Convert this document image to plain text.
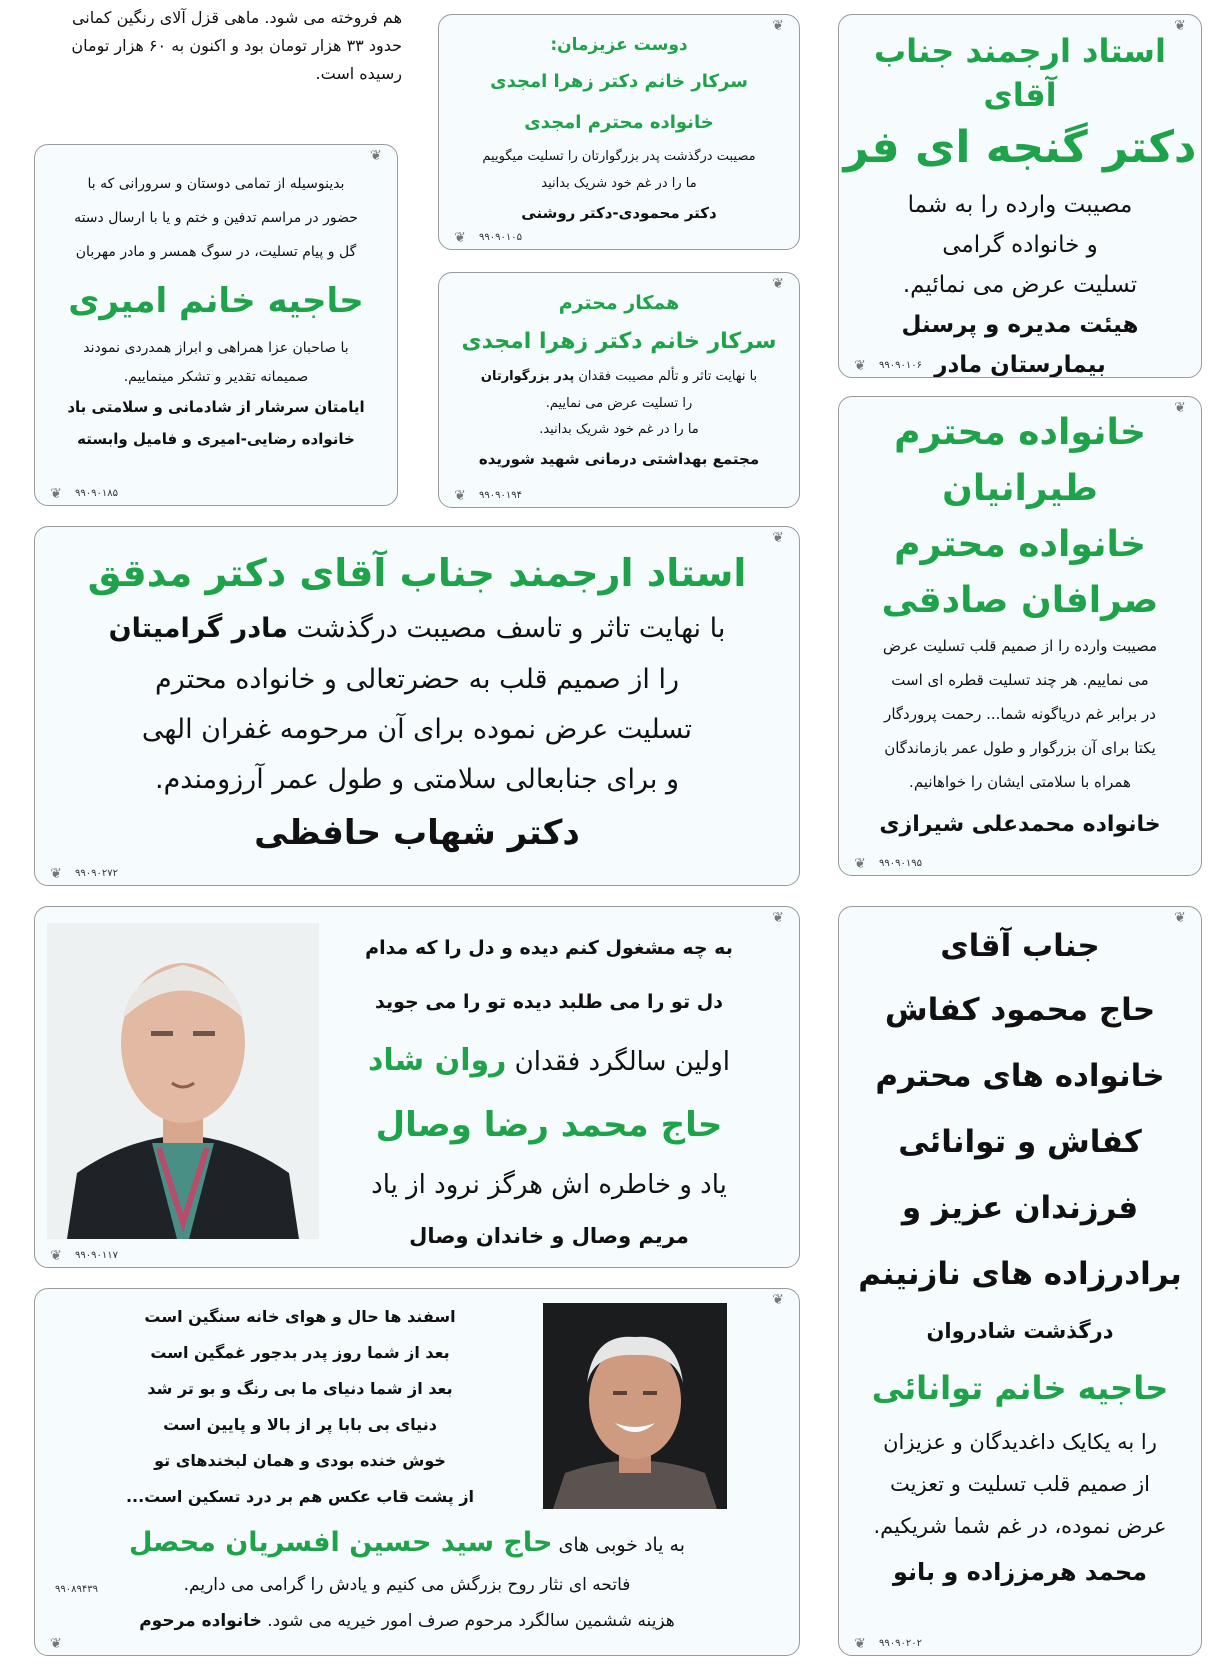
هم فروخته می شود. ماهی قزل آلای رنگین کمانی
حدود ۳۳ هزار تومان بود و اکنون به ۶۰ هزار تومان
رسیده است.
❦
استاد ارجمند جناب آقای
دکتر گنجه ای فر
مصیبت وارده را به شما
و خانواده گرامی
تسلیت عرض می نمائیم.
هیئت مدیره و پرسنل
بیمارستان مادر
❦	۹۹۰۹۰۱۰۶
❦
دوست عزیزمان:
سرکار خانم دکتر زهرا امجدی
خانواده محترم امجدی
مصیبت درگذشت پدر بزرگوارتان را تسلیت میگوییم
ما را در غم خود شریک بدانید
دکتر محمودی-دکتر روشنی
❦	۹۹۰۹۰۱۰۵
❦
بدینوسیله از تمامی دوستان و سرورانی که با
حضور در مراسم تدفین و ختم و یا با ارسال دسته
گل و پیام تسلیت، در سوگ همسر و مادر مهربان
حاجیه خانم امیری
با صاحبان عزا همراهی و ابراز همدردی نمودند
صمیمانه تقدیر و تشکر مینماییم.
ایامتان سرشار از شادمانی و سلامتی باد
خانواده رضایی-امیری و فامیل وابسته
❦	۹۹۰۹۰۱۸۵
❦
همکار محترم
سرکار خانم دکتر زهرا امجدی
با نهایت تاثر و تألم مصیبت فقدان پدر بزرگوارتان
را تسلیت عرض می نماییم.
ما را در غم خود شریک بدانید.
مجتمع بهداشتی درمانی شهید شوریده
❦	۹۹۰۹۰۱۹۴
❦
خانواده محترم
طیرانیان
خانواده محترم
صرافان صادقی
مصیبت وارده را از صمیم قلب تسلیت عرض
می نماییم. هر چند تسلیت قطره ای است
در برابر غم دریاگونه شما... رحمت پروردگار
یکتا برای آن بزرگوار و طول عمر بازماندگان
همراه با سلامتی ایشان را خواهانیم.
خانواده محمدعلی شیرازی
❦	۹۹۰۹۰۱۹۵
❦
استاد ارجمند جناب آقای دکتر مدقق
با نهایت تاثر و تاسف مصیبت درگذشت مادر گرامیتان
را از صمیم قلب به حضرتعالی و خانواده محترم
تسلیت عرض نموده برای آن مرحومه غفران الهی
و برای جنابعالی سلامتی و طول عمر آرزومندم.
دکتر شهاب حافظی
❦	۹۹۰۹۰۲۷۲
❦
به چه مشغول کنم دیده و دل را که مدام
دل تو را می طلبد دیده تو را می جوید
اولین سالگرد فقدان روان شاد
حاج محمد رضا وصال
یاد و خاطره اش هرگز نرود از یاد
مریم وصال و خاندان وصال
❦	۹۹۰۹۰۱۱۷
❦
جناب آقای
حاج محمود کفاش
خانواده های محترم
کفاش و توانائی
فرزندان عزیز و
برادرزاده های نازنینم
درگذشت شادروان
حاجیه خانم توانائی
را به یکایک داغدیدگان و عزیزان
از صمیم قلب تسلیت و تعزیت
عرض نموده، در غم شما شریکیم.
محمد هرمززاده و بانو
❦	۹۹۰۹۰۲۰۲
❦
اسفند ها حال و هوای خانه سنگین است
بعد از شما روز پدر بدجور غمگین است
بعد از شما دنیای ما بی رنگ و بو تر شد
دنیای بی بابا پر از بالا و پایین است
خوش خنده بودی و همان لبخندهای تو
از پشت قاب عکس هم بر درد تسکین است...
به یاد خوبی های حاج سید حسین افسریان محصل
فاتحه ای نثار روح بزرگش می کنیم و یادش را گرامی می داریم.
هزینه ششمین سالگرد مرحوم صرف امور خیریه می شود. خانواده مرحوم
❦
۹۹۰۸۹۴۳۹
